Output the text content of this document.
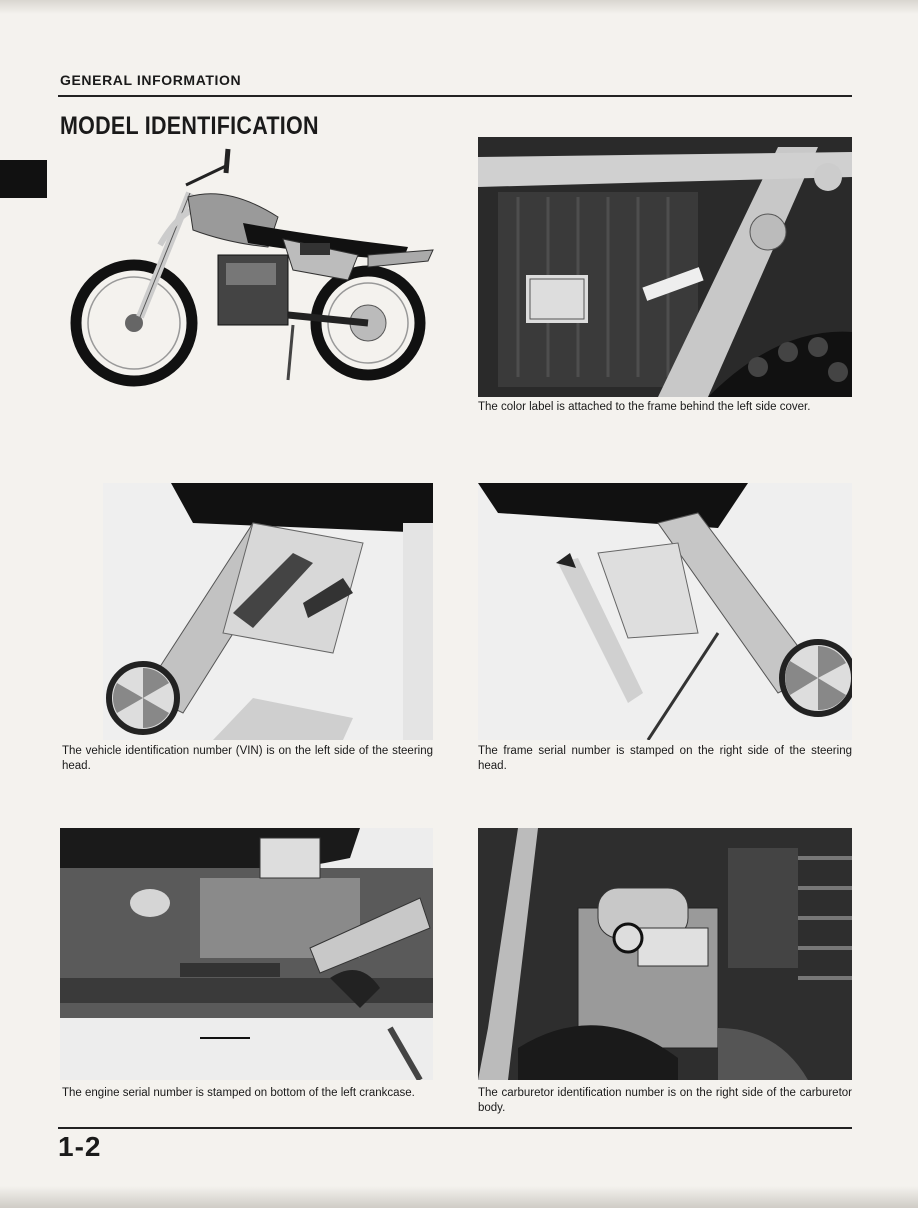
GENERAL INFORMATION
MODEL IDENTIFICATION
The color label is attached to the frame behind the left side cover.
The vehicle identification number (VIN) is on the left side of the steering head.
The frame serial number is stamped on the right side of the steering head.
The engine serial number is stamped on bottom of the left crankcase.	The carburetor identification number is on the right side of the carburetor body.
1-2
